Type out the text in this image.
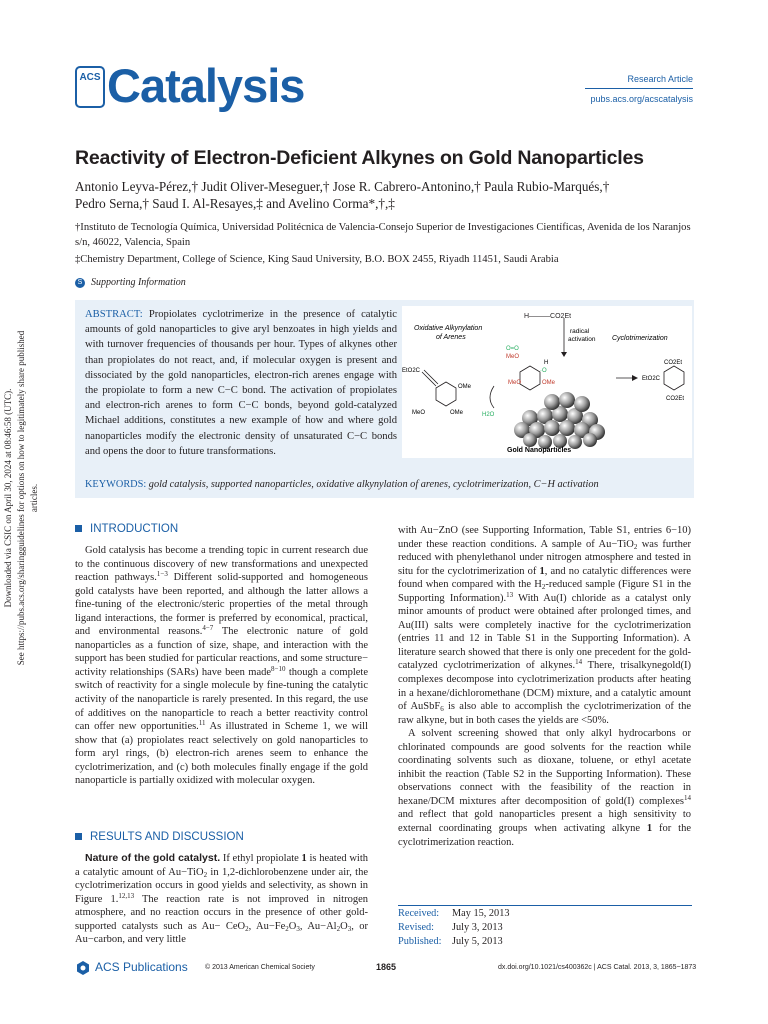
Downloaded via CSIC on April 30, 2024 at 08:46:58 (UTC). See https://pubs.acs.org/sharingguidelines for options on how to legitimately share published articles.
ACS Catalysis	Research Article
pubs.acs.org/acscatalysis
Reactivity of Electron-Deficient Alkynes on Gold Nanoparticles
Antonio Leyva-Pérez,† Judit Oliver-Meseguer,† Jose R. Cabrero-Antonino,† Paula Rubio-Marqués,†
Pedro Serna,† Saud I. Al-Resayes,‡ and Avelino Corma*,†,‡
†Instituto de Tecnología Química, Universidad Politécnica de Valencia-Consejo Superior de Investigaciones Científicas, Avenida de los Naranjos s/n, 46022, Valencia, Spain
‡Chemistry Department, College of Science, King Saud University, B.O. BOX 2455, Riyadh 11451, Saudi Arabia
S Supporting Information
ABSTRACT: Propiolates cyclotrimerize in the presence of catalytic amounts of gold nanoparticles to give aryl benzoates in high yields and with turnover frequencies of thousands per hour. Types of alkynes other than propiolates do not react, and, if molecular oxygen is present and dissociated by the gold nanoparticles, electron-rich arenes engage with the propiolate to form a new C−C bond. The activation of propiolates and electron-rich arenes to form C−C bonds, beyond gold-catalyzed Michael additions, constitutes a new example of how and where gold nanoparticles modify the electronic density of unsaturated C−C bonds and opens the door to future transformations.
H———CO2Et
radical
activation
Oxidative Alkynylation
of Arenes	Cyclotrimerization
EtO2C
OMe
MeO	OMe
MeO
H
MeO	OMe
O=O
·O
H2O
Gold Nanoparticles
EtO2C
CO2Et
CO2Et
KEYWORDS: gold catalysis, supported nanoparticles, oxidative alkynylation of arenes, cyclotrimerization, C−H activation
INTRODUCTION

Gold catalysis has become a trending topic in current research due to the continuous discovery of new transformations and unexpected reaction pathways.$^{1-3}$ Different solid-supported and homogeneous gold catalysts have been reported, and although the latter allows a fine-tuning of the electronic/steric properties of the metal through ligand interactions, the former is preferred by economical, practical, and environmental reasons.$^{4-7}$ The electronic nature of gold nanoparticles as a function of size, shape, and interaction with the support has been studied for particular reactions, and some structure− activity relationships (SARs) have been made$^{8-10}$ though a complete switch of reactivity for a single molecule by fine-tuning the catalytic activity of the nanoparticle is rarely presented. In this regard, the use of additives on the nanoparticle to reach a better reactivity control can offer new opportunities.$^{11}$ As illustrated in Scheme 1, we will show that (a) propiolates react selectively on gold nanoparticles to form aryl rings, (b) electron-rich arenes seem to enhance the cyclotrimerization, and (c) both molecules finally engage if the gold nanoparticle is partially oxidized with molecular oxygen.

RESULTS AND DISCUSSION

Nature of the gold catalyst. If ethyl propiolate 1 is heated with a catalytic amount of Au−TiO$_2$ in 1,2-dichlorobenzene under air, the cyclotrimerization occurs in good yields and selectivity, as shown in Figure 1.$^{12,13}$ The reaction rate is not improved in nitrogen atmosphere, and no reaction occurs in the presence of other gold-supported catalysts such as Au− CeO$_2$, $Au-Fe_2O_3$, $Au-Al_2O_3$, or Au−carbon, and very little

with Au−ZnO (see Supporting Information, Table S1, entries 6−10) under these reaction conditions. A sample of Au−TiO$_2$ was further reduced with phenylethanol under nitrogen atmosphere and tested in situ for the cyclotrimerization of 1, and no catalytic differences were found when compared with the $H_2$-reduced sample (Figure S1 in the Supporting Information).$^{13}$ With Au(I) chloride as a catalyst only minor amounts of product were obtained after prolonged times, and Au(III) salts were completely inactive for the cyclotrimerization (entries 11 and 12 in Table S1 in the Supporting Information). A literature search showed that there is only one precedent for the gold-catalyzed cyclotrimerization of alkynes.$^{14}$ There, trisalkynegold(I) complexes decompose into cyclotrimerization products after heating in a hexane/dichloromethane (DCM) mixture, and a catalytic amount of AuSbF$_6$ is also able to accomplish the cyclotrimerization of the raw alkyne, but in both cases the yields are <50%.

A solvent screening showed that only alkyl hydrocarbons or chlorinated compounds are good solvents for the reaction while coordinating solvents such as dioxane, toluene, or ethyl acetate inhibit the reaction (Table S2 in the Supporting Information). These observations connect with the feasibility of the reaction in hexane/DCM mixtures after decomposition of gold(I) complexes$^{14}$ and reflect that gold nanoparticles present a high sensitivity to external coordinating groups when activating alkyne 1 for the cyclotrimerization reaction.

Received: May 15, 2013
Revised: July 3, 2013
Published: July 5, 2013
ACS Publications © 2013 American Chemical Society	1865	dx.doi.org/10.1021/cs400362c | ACS Catal. 2013, 3, 1865−1873
